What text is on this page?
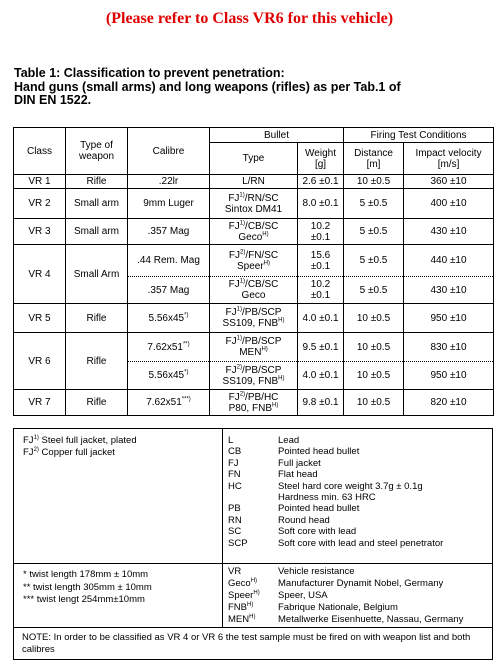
(Please refer to Class VR6 for this vehicle)
Table 1: Classification to prevent penetration:
Hand guns (small arms) and long weapons (rifles) as per Tab.1 of
DIN EN 1522.
Class	Type of weapon	Calibre	Bullet		Firing Test Conditions	
			Type	Weight [g]	Distance [m]	Impact velocity [m/s]
VR 1	Rifle	.22lr	L/RN	2.6 ±0.1	10 ±0.5	360 ±10
VR 2	Small arm	9mm Luger	FJ$^{1)}$/RN/SC
Sintox DM41	8.0 ±0.1	5 ±0.5	400 ±10
VR 3	Small arm	.357 Mag	FJ$^{1)}$/CB/SC
Geco$^{H)}$	10.2 ±0.1	5 ±0.5	430 ±10
VR 4	Small Arm	.44 Rem. Mag	FJ$^{2)}$/FN/SC
Speer$^{H)}$	15.6 ±0.1	5 ±0.5	440 ±10
		.357 Mag	FJ$^{1)}$/CB/SC
Geco	10.2 ±0.1	5 ±0.5	430 ±10
VR 5	Rifle	5.56x45*)	FJ$^{1)}$/PB/SCP
SS109, $FNB^{H)}$	4.0 ±0.1	10 ±0.5	950 ±10
VR 6	Rifle	7.62x51**)	FJ$^{1)}$/PB/SCP
$MEN^{H)}$	9.5 ±0.1	10 ±0.5	830 ±10
		5.56x45*)	FJ$^{2)}$/PB/SCP
SS109, $FNB^{H)}$	4.0 ±0.1	10 ±0.5	950 ±10
VR 7	Rifle	7.62x51***)	FJ$^{2)}$/PB/HC
P80, $FNB^{H)}$	9.8 ±0.1	10 ±0.5	820 ±10
FJ$^{1)}$ Steel full jacket, plated
FJ$^{2)}$ Copper full jacket
L	Lead
CB	Pointed head bullet
FJ	Full jacket
FN	Flat head
HC	Steel hard core weight 3.7g ± 0.1g
Hardness min. 63 HRC
PB	Pointed head bullet
RN	Round head
SC	Soft core with lead
SCP	Soft core with lead and steel penetrator
* twist length 178mm ± 10mm
** twist length 305mm ± 10mm
*** twist lengt 254mm±10mm
VR	Vehicle resistance
Geco$^{H)}$	Manufacturer Dynamit Nobel, Germany
Speer$^{H)}$	Speer, USA
$FNB^{H)}$	Fabrique Nationale, Belgium
$MEN^{H)}$	Metallwerke Eisenhuette, Nassau, Germany
NOTE: In order to be classified as VR 4 or VR 6 the test sample must be fired on with weapon list and both calibres
